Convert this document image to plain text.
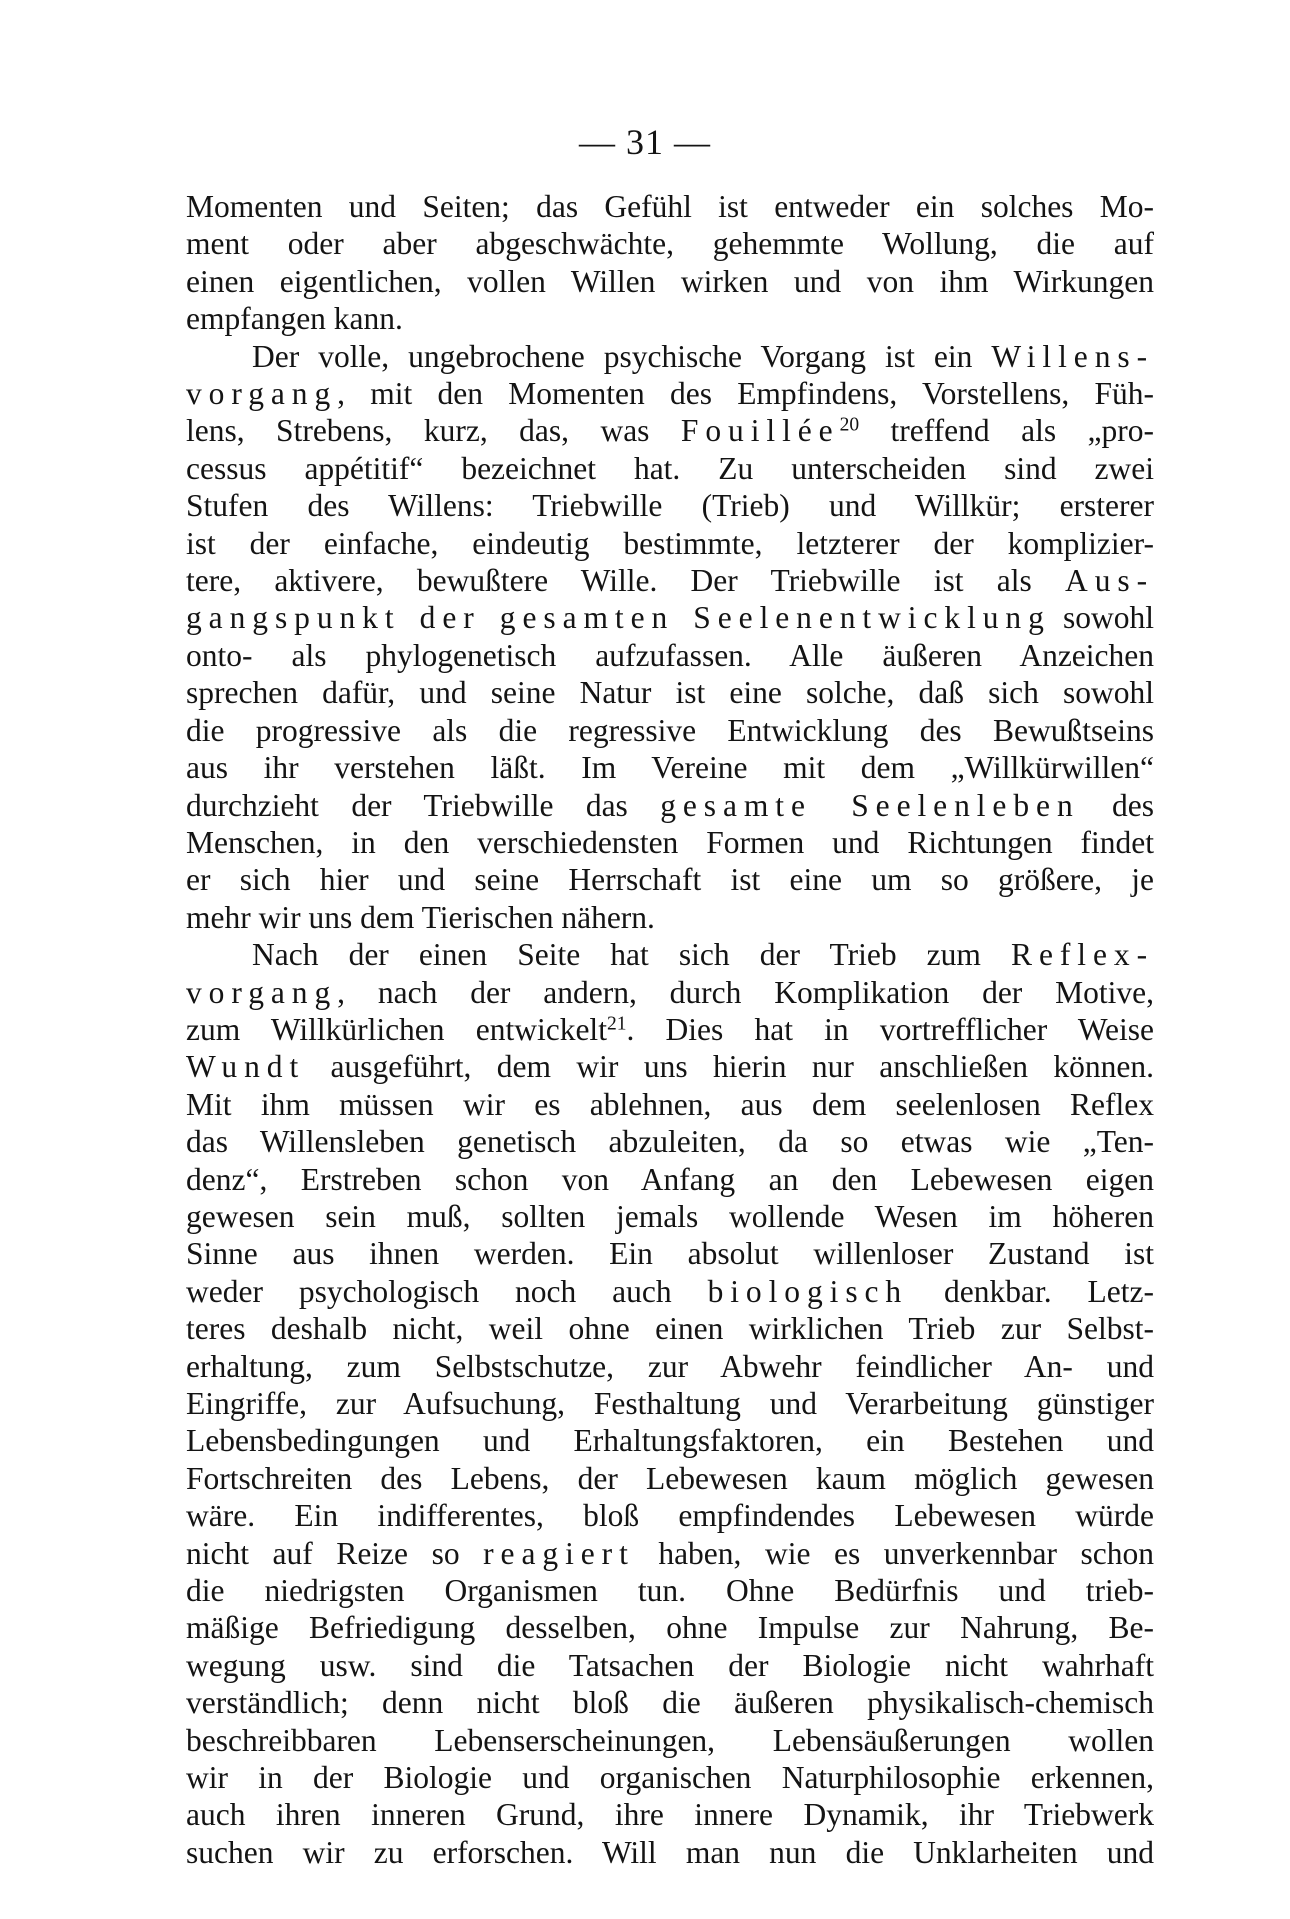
— 31 —
Momenten und Seiten; das Gefühl ist entweder ein solches Mo-
ment oder aber abgeschwächte, gehemmte Wollung, die auf
einen eigentlichen, vollen Willen wirken und von ihm Wirkungen
empfangen kann.
Der volle, ungebrochene psychische Vorgang ist ein Willens-
vorgang, mit den Momenten des Empfindens, Vorstellens, Füh-
lens, Strebens, kurz, das, was Fouillée$^{20}$ treffend als „pro-
cessus appétitif“ bezeichnet hat. Zu unterscheiden sind zwei
Stufen des Willens: Triebwille (Trieb) und Willkür; ersterer
ist der einfache, eindeutig bestimmte, letzterer der komplizier-
tere, aktivere, bewußtere Wille. Der Triebwille ist als Aus-
gangspunkt der gesamten Seelenentwicklung sowohl
onto- als phylogenetisch aufzufassen. Alle äußeren Anzeichen
sprechen dafür, und seine Natur ist eine solche, daß sich sowohl
die progressive als die regressive Entwicklung des Bewußtseins
aus ihr verstehen läßt. Im Vereine mit dem „Willkürwillen“
durchzieht der Triebwille das gesamte Seelenleben des
Menschen, in den verschiedensten Formen und Richtungen findet
er sich hier und seine Herrschaft ist eine um so größere, je
mehr wir uns dem Tierischen nähern.
Nach der einen Seite hat sich der Trieb zum Reflex-
vorgang, nach der andern, durch Komplikation der Motive,
zum Willkürlichen entwickelt$^{21}$. Dies hat in vortrefflicher Weise
Wundt ausgeführt, dem wir uns hierin nur anschließen können.
Mit ihm müssen wir es ablehnen, aus dem seelenlosen Reflex
das Willensleben genetisch abzuleiten, da so etwas wie „Ten-
denz“, Erstreben schon von Anfang an den Lebewesen eigen
gewesen sein muß, sollten jemals wollende Wesen im höheren
Sinne aus ihnen werden. Ein absolut willenloser Zustand ist
weder psychologisch noch auch biologisch denkbar. Letz-
teres deshalb nicht, weil ohne einen wirklichen Trieb zur Selbst-
erhaltung, zum Selbstschutze, zur Abwehr feindlicher An- und
Eingriffe, zur Aufsuchung, Festhaltung und Verarbeitung günstiger
Lebensbedingungen und Erhaltungsfaktoren, ein Bestehen und
Fortschreiten des Lebens, der Lebewesen kaum möglich gewesen
wäre. Ein indifferentes, bloß empfindendes Lebewesen würde
nicht auf Reize so reagiert haben, wie es unverkennbar schon
die niedrigsten Organismen tun. Ohne Bedürfnis und trieb-
mäßige Befriedigung desselben, ohne Impulse zur Nahrung, Be-
wegung usw. sind die Tatsachen der Biologie nicht wahrhaft
verständlich; denn nicht bloß die äußeren physikalisch-chemisch
beschreibbaren Lebenserscheinungen, Lebensäußerungen wollen
wir in der Biologie und organischen Naturphilosophie erkennen,
auch ihren inneren Grund, ihre innere Dynamik, ihr Triebwerk
suchen wir zu erforschen. Will man nun die Unklarheiten und
